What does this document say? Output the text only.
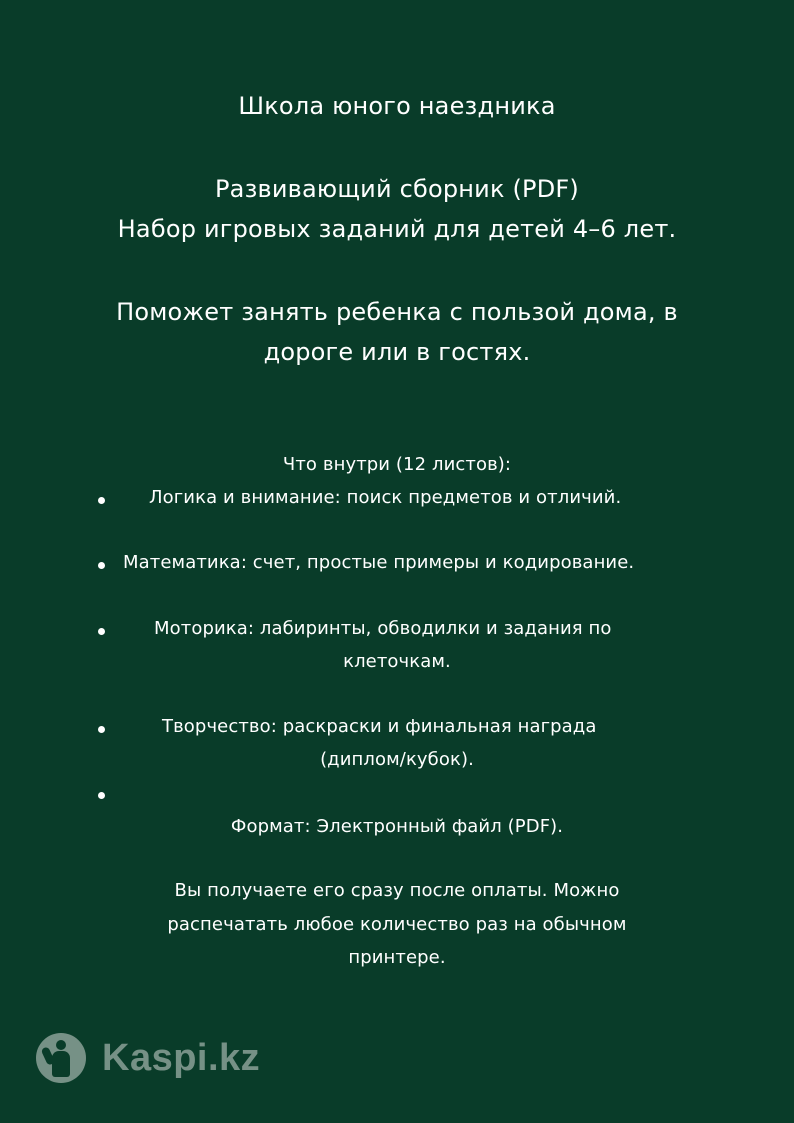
Школа юного наездника
Развивающий сборник (PDF)
Набор игровых заданий для детей 4–6 лет.
Поможет занять ребенка с пользой дома, в
дороге или в гостях.
Что внутри (12 листов):
Логика и внимание: поиск предметов и отличий.
Математика: счет, простые примеры и кодирование.
Моторика: лабиринты, обводилки и задания по
клеточкам.
Творчество: раскраски и финальная награда
(диплом/кубок).
Формат: Электронный файл (PDF).
Вы получаете его сразу после оплаты. Можно
распечатать любое количество раз на обычном
принтере.
Kaspi.kz
